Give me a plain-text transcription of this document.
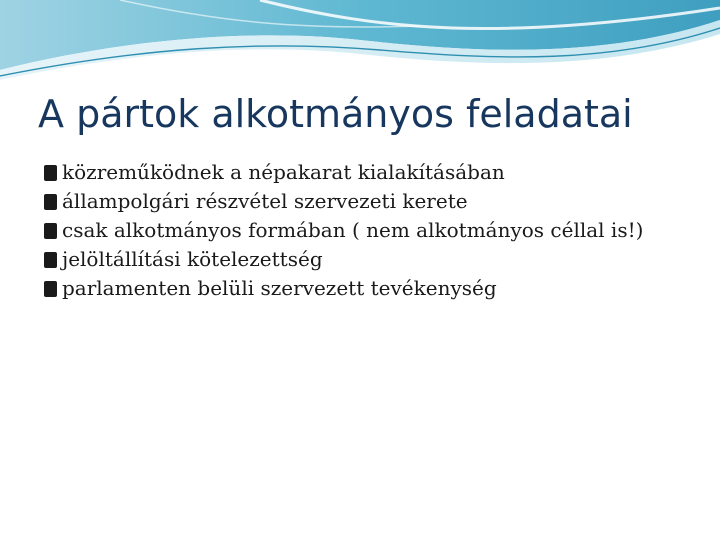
A pártok alkotmányos feladatai
közreműködnek a népakarat kialakításában
állampolgári részvétel szervezeti kerete
csak alkotmányos formában ( nem alkotmányos céllal is!)
jelöltállítási kötelezettség
parlamenten belüli szervezett tevékenység
